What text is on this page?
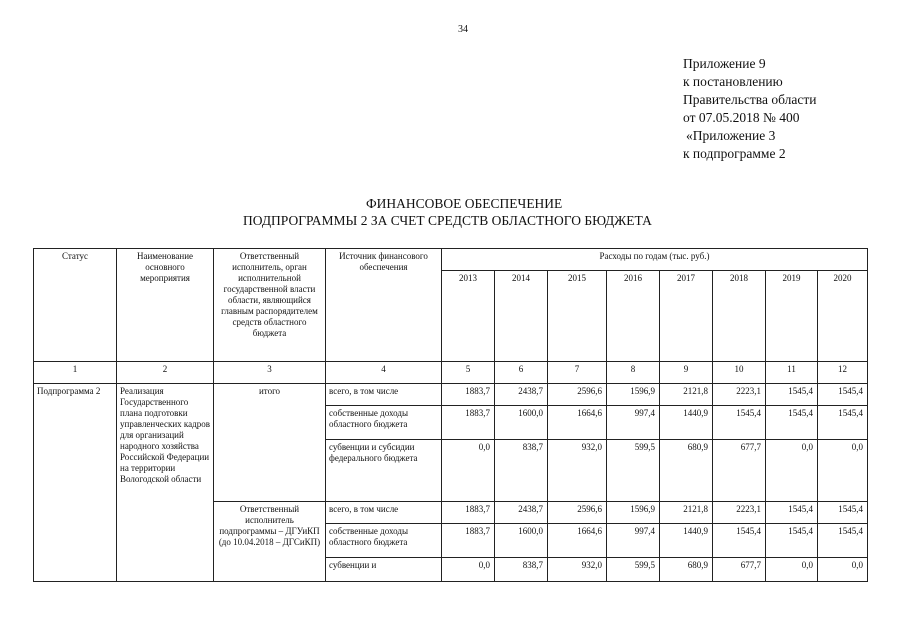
34
Приложение 9
к постановлению
Правительства области
от 07.05.2018 № 400
«Приложение 3
к подпрограмме 2
ФИНАНСОВОЕ ОБЕСПЕЧЕНИЕ
ПОДПРОГРАММЫ 2 ЗА СЧЕТ СРЕДСТВ ОБЛАСТНОГО БЮДЖЕТА
Статус	Наименование основного мероприятия	Ответственный исполнитель, орган исполнительной государственной власти области, являющийся главным распорядителем средств областного бюджета	Источник финансового обеспечения	Расходы по годам (тыс. руб.)							
				2013	2014	2015	2016	2017	2018	2019	2020
1	2	3	4	5	6	7	8	9	10	11	12
Подпрограмма 2	Реализация Государственного плана подготовки управленческих кадров для организаций народного хозяйства Российской Федерации на территории Вологодской области	итого	всего, в том числе	1883,7	2438,7	2596,6	1596,9	2121,8	2223,1	1545,4	1545,4
			собственные доходы областного бюджета	1883,7	1600,0	1664,6	997,4	1440,9	1545,4	1545,4	1545,4
			субвенции и субсидии федерального бюджета	0,0	838,7	932,0	599,5	680,9	677,7	0,0	0,0
		Ответственный исполнитель подпрограммы – ДГУиКП (до 10.04.2018 – ДГСиКП)	всего, в том числе	1883,7	2438,7	2596,6	1596,9	2121,8	2223,1	1545,4	1545,4
			собственные доходы областного бюджета	1883,7	1600,0	1664,6	997,4	1440,9	1545,4	1545,4	1545,4
			субвенции и	0,0	838,7	932,0	599,5	680,9	677,7	0,0	0,0
